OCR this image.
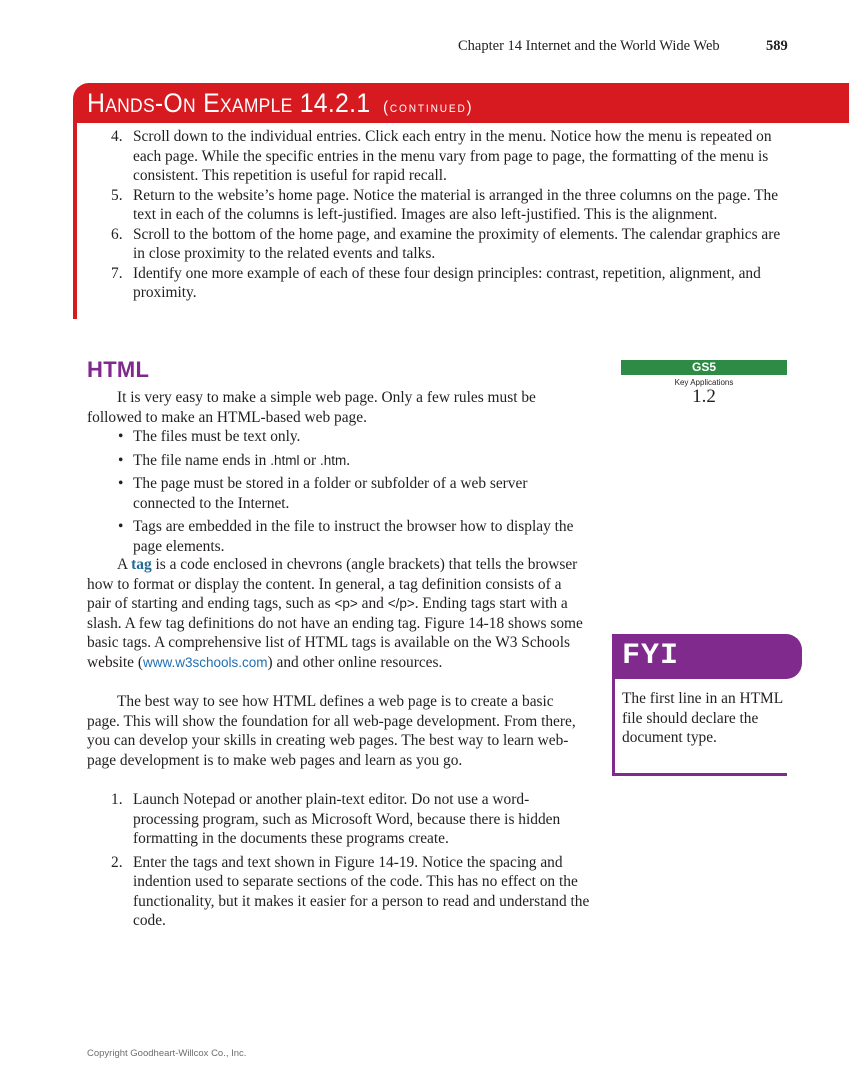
Chapter 14 Internet and the World Wide Web	589
Hands-On Example 14.2.1 (continued)
4. Scroll down to the individual entries. Click each entry in the menu. Notice how the menu is repeated on each page. While the specific entries in the menu vary from page to page, the formatting of the menu is consistent. This repetition is useful for rapid recall.
5. Return to the website’s home page. Notice the material is arranged in the three columns on the page. The text in each of the columns is left-justified. Images are also left-justified. This is the alignment.
6. Scroll to the bottom of the home page, and examine the proximity of elements. The calendar graphics are in close proximity to the related events and talks.
7. Identify one more example of each of these four design principles: contrast, repetition, alignment, and proximity.
HTML

It is very easy to make a simple web page. Only a few rules must be followed to make an HTML-based web page.

• The files must be text only.
• The file name ends in .html or .htm.
• The page must be stored in a folder or subfolder of a web server connected to the Internet.
• Tags are embedded in the file to instruct the browser how to display the page elements.

A tag is a code enclosed in chevrons (angle brackets) that tells the browser how to format or display the content. In general, a tag definition consists of a pair of starting and ending tags, such as <p> and </p>. Ending tags start with a slash. A few tag definitions do not have an ending tag. Figure 14-18 shows some basic tags. A comprehensive list of HTML tags is available on the W3 Schools website (www.w3schools.com) and other online resources.

The best way to see how HTML defines a web page is to create a basic page. This will show the foundation for all web-page development. From there, you can develop your skills in creating web pages. The best way to learn web-page development is to make web pages and learn as you go.

1. Launch Notepad or another plain-text editor. Do not use a word-processing program, such as Microsoft Word, because there is hidden formatting in the documents these programs create.
2. Enter the tags and text shown in Figure 14-19. Notice the spacing and indention used to separate sections of the code. This has no effect on the functionality, but it makes it easier for a person to read and understand the code.
GS5
Key Applications
1.2
FYI
The first line in an HTML file should declare the document type.
Copyright Goodheart-Willcox Co., Inc.
